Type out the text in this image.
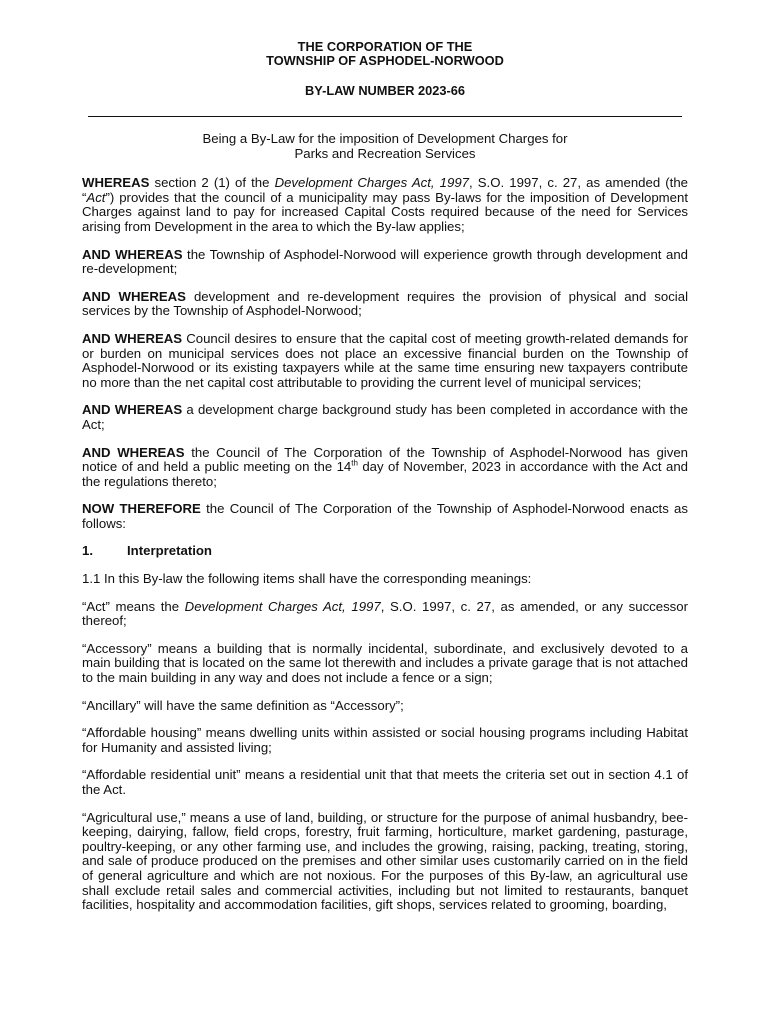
THE CORPORATION OF THE
TOWNSHIP OF ASPHODEL-NORWOOD
BY-LAW NUMBER 2023-66
Being a By-Law for the imposition of Development Charges for
Parks and Recreation Services

WHEREAS section 2 (1) of the Development Charges Act, 1997, S.O. 1997, c. 27, as amended (the “Act”) provides that the council of a municipality may pass By-laws for the imposition of Development Charges against land to pay for increased Capital Costs required because of the need for Services arising from Development in the area to which the By-law applies;

AND WHEREAS the Township of Asphodel-Norwood will experience growth through development and re-development;

AND WHEREAS development and re-development requires the provision of physical and social services by the Township of Asphodel-Norwood;

AND WHEREAS Council desires to ensure that the capital cost of meeting growth-related demands for or burden on municipal services does not place an excessive financial burden on the Township of Asphodel-Norwood or its existing taxpayers while at the same time ensuring new taxpayers contribute no more than the net capital cost attributable to providing the current level of municipal services;

AND WHEREAS a development charge background study has been completed in accordance with the Act;

AND WHEREAS the Council of The Corporation of the Township of Asphodel-Norwood has given notice of and held a public meeting on the 14th day of November, 2023 in accordance with the Act and the regulations thereto;

NOW THEREFORE the Council of The Corporation of the Township of Asphodel-Norwood enacts as follows:

1.	Interpretation

1.1 In this By-law the following items shall have the corresponding meanings:

“Act” means the Development Charges Act, 1997, S.O. 1997, c. 27, as amended, or any successor thereof;

“Accessory” means a building that is normally incidental, subordinate, and exclusively devoted to a main building that is located on the same lot therewith and includes a private garage that is not attached to the main building in any way and does not include a fence or a sign;

“Ancillary” will have the same definition as “Accessory”;

“Affordable housing” means dwelling units within assisted or social housing programs including Habitat for Humanity and assisted living;

“Affordable residential unit” means a residential unit that that meets the criteria set out in section 4.1 of the Act.

“Agricultural use,” means a use of land, building, or structure for the purpose of animal husbandry, bee-keeping, dairying, fallow, field crops, forestry, fruit farming, horticulture, market gardening, pasturage, poultry-keeping, or any other farming use, and includes the growing, raising, packing, treating, storing, and sale of produce produced on the premises and other similar uses customarily carried on in the field of general agriculture and which are not noxious. For the purposes of this By-law, an agricultural use shall exclude retail sales and commercial activities, including but not limited to restaurants, banquet facilities, hospitality and accommodation facilities, gift shops, services related to grooming, boarding,
